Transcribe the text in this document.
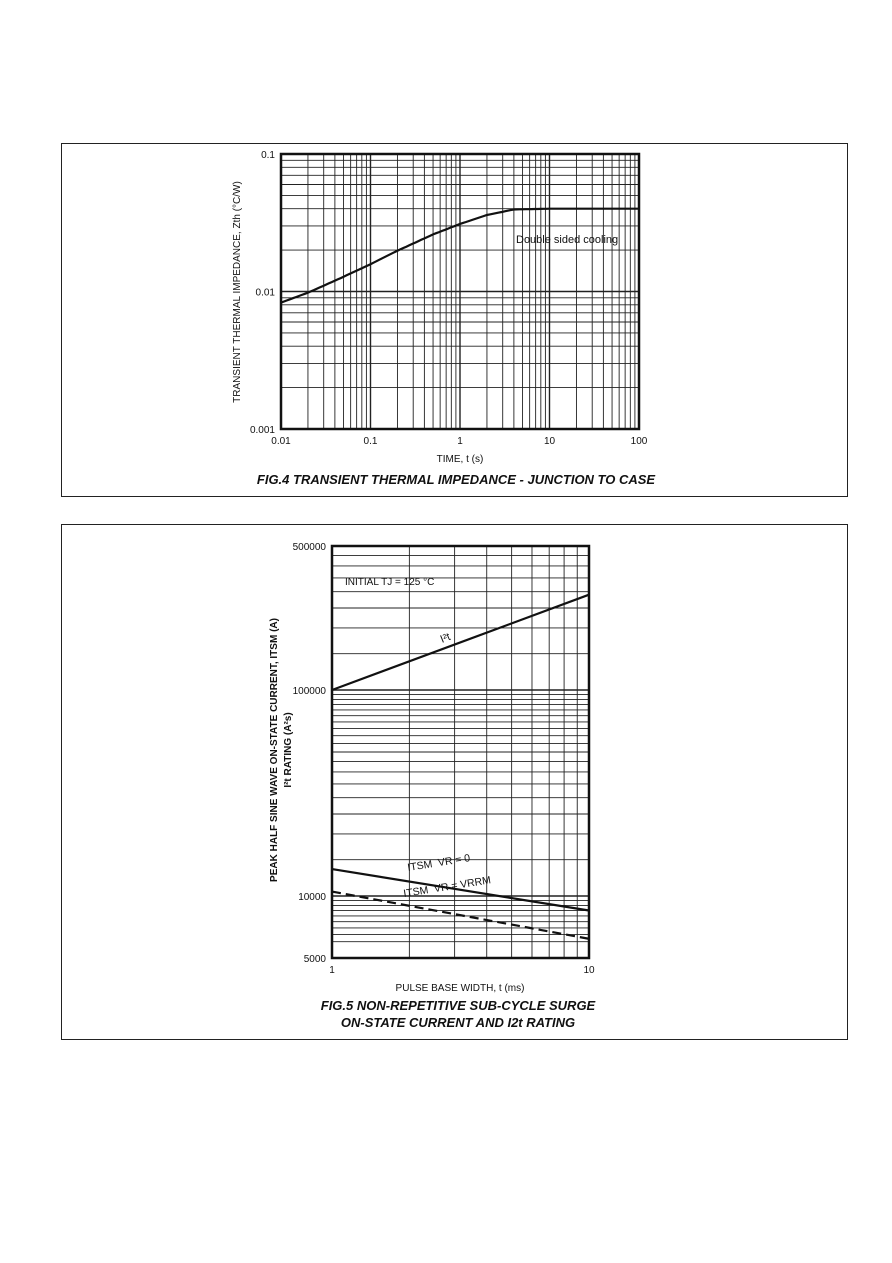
0.01	0.1	1	10	100
0.001
0.01
0.1
Double sided cooling
TIME, t (s)
TRANSIENT THERMAL IMPEDANCE, Zth (°C/W)
FIG.4 TRANSIENT THERMAL IMPEDANCE - JUNCTION TO CASE
1	10
5000
10000
100000
500000
INITIAL TJ = 125 °C
I²t
ITSM  VR = 0
ITSM  VR = VRRM
PULSE BASE WIDTH, t (ms)
PEAK HALF SINE WAVE ON-STATE CURRENT, ITSM (A) I²t RATING (A²s)
FIG.5 NON-REPETITIVE SUB-CYCLE SURGE
ON-STATE CURRENT AND I2t RATING
